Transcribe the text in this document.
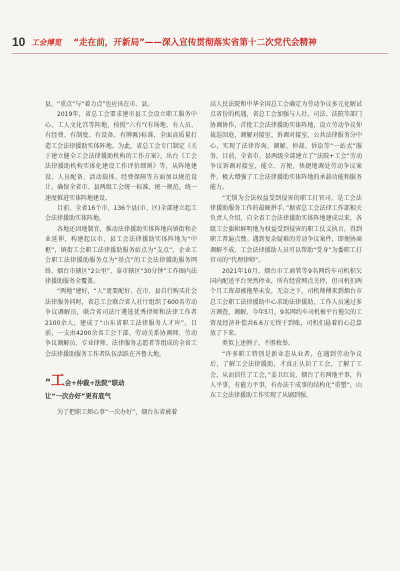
10 工会博览 “走在前，开新局”——深入宣传贯彻落实省第十二次党代会精神

县，“重点”与“着力点”也应该在市、县。

2019年，省总工会要求建市县工会设立职工服务中心、工人文化宫等阵地，按照“六有”(有场地、有人员、有经费、有制度、有设备、有牌匾)标准，全面高质量打造工会法律援助实体阵地。为此，省总工会专门制定《关于建立健全工会法律援助机构的工作方案》，出台《工会法律援助机构实体化建设工作评价细则》等，从阵地建设、人员配备、活动载体、经费保障等方面加以规范设计，确保全省市、县两级工会统一标准、统一规范，统一速度推进实体阵地建设。

目前，全省16个市、136个县(市、区)全部建立起工会法律援助实体阵地。

各地还因地制宜，推动法律援助实体阵地向镇街和企业延伸，构建起以市、县工会法律援助实体阵地为“中枢”，镇街工会职工法律援助服务站点为“支点”，企业工会职工法律援助服务点为“基点”的工会法律援助服务网络，烟台市辖区“2公里”、泰市辖区“30分钟”工作圈内法律援助服务全覆盖。

“两地”建好，“人”更要配好。在市、县自行购买社会法律服务同时，省总工会联合省人社厅组织了600名劳动争议调解员，联合省司法厅遴选优秀律师和法律工作者2100余人，建成了“山东省职工法律服务人才库”。目前，一支由4200余名工会干部、劳动关系协调师、劳动争议调解员、专业律师、法律服务志愿者等组成的全省工会法律援助服务工作者队伍活跃在齐鲁大地。

“工会+仲裁+法院”联动
让“一次办好”更有底气

为了把职工烦心事“一次办好”，烟台东省被着

高人民法院和中华全国总工会确定为劳动争议多元化解试点省份的机遇，省总工会加强与人社、司法、法院等部门协调协作，首批工会法律援助实体阵地，设立劳动争议仲裁巡回庭、调解对接室、诉调对接室、公共法律服务分中心，实现了法律咨询、调解、仲裁、诉讼等“一站式”服务。目前，全省市、县两级全部建立了“法院+工会”劳动争议诉调对接室，能立、方便、快捷地调处劳动争议案件，极大增强了工会法律援助实体阵地的承载功能和服务能力。

“无锁为会法权益受到侵害的职工打官司，是工会法律援助服务工作的最硬拼手，”据省总工会法律工作部相关负责人介绍，自全省工会法律援助实体阵地建成以来，各级工会旗帜鲜明地为权益受到侵害的职工仗义执言，得到职工普遍点赞。遇到复杂疑难的劳动争议案件，即便协商调解不成，工会法律援助人员可以帮助“受身”为委职工打官司的“代理律师”。

2021年10月，烟台市工商管等9名网约车司机积欠国内配送平台突然停业，所有经营网点关停，但司机们两个月工资却被拖垫未发，无奈之下，司机师傅来到烟台市总工会职工法律援助中心求助法律援助，工作人员通过多方调查，调解，今年5月，9名网约车司机被平台拖欠的工资及经济补偿共6.6万元终于到账，司机们悬着的心总算放了下来。

类似上述例子，不胜枚举。

“许多职工特别是新业态从业者，在遇到劳动争议后，了解工会法律援助，才真正认识了工会，了解了工会，从而信任了工会，”姜卫红说，烟台了有两地平事，有人平事，有能力平事，有办法干成事的结构化“重塑”，山东工会法律援助工作实现了从刷到强、
